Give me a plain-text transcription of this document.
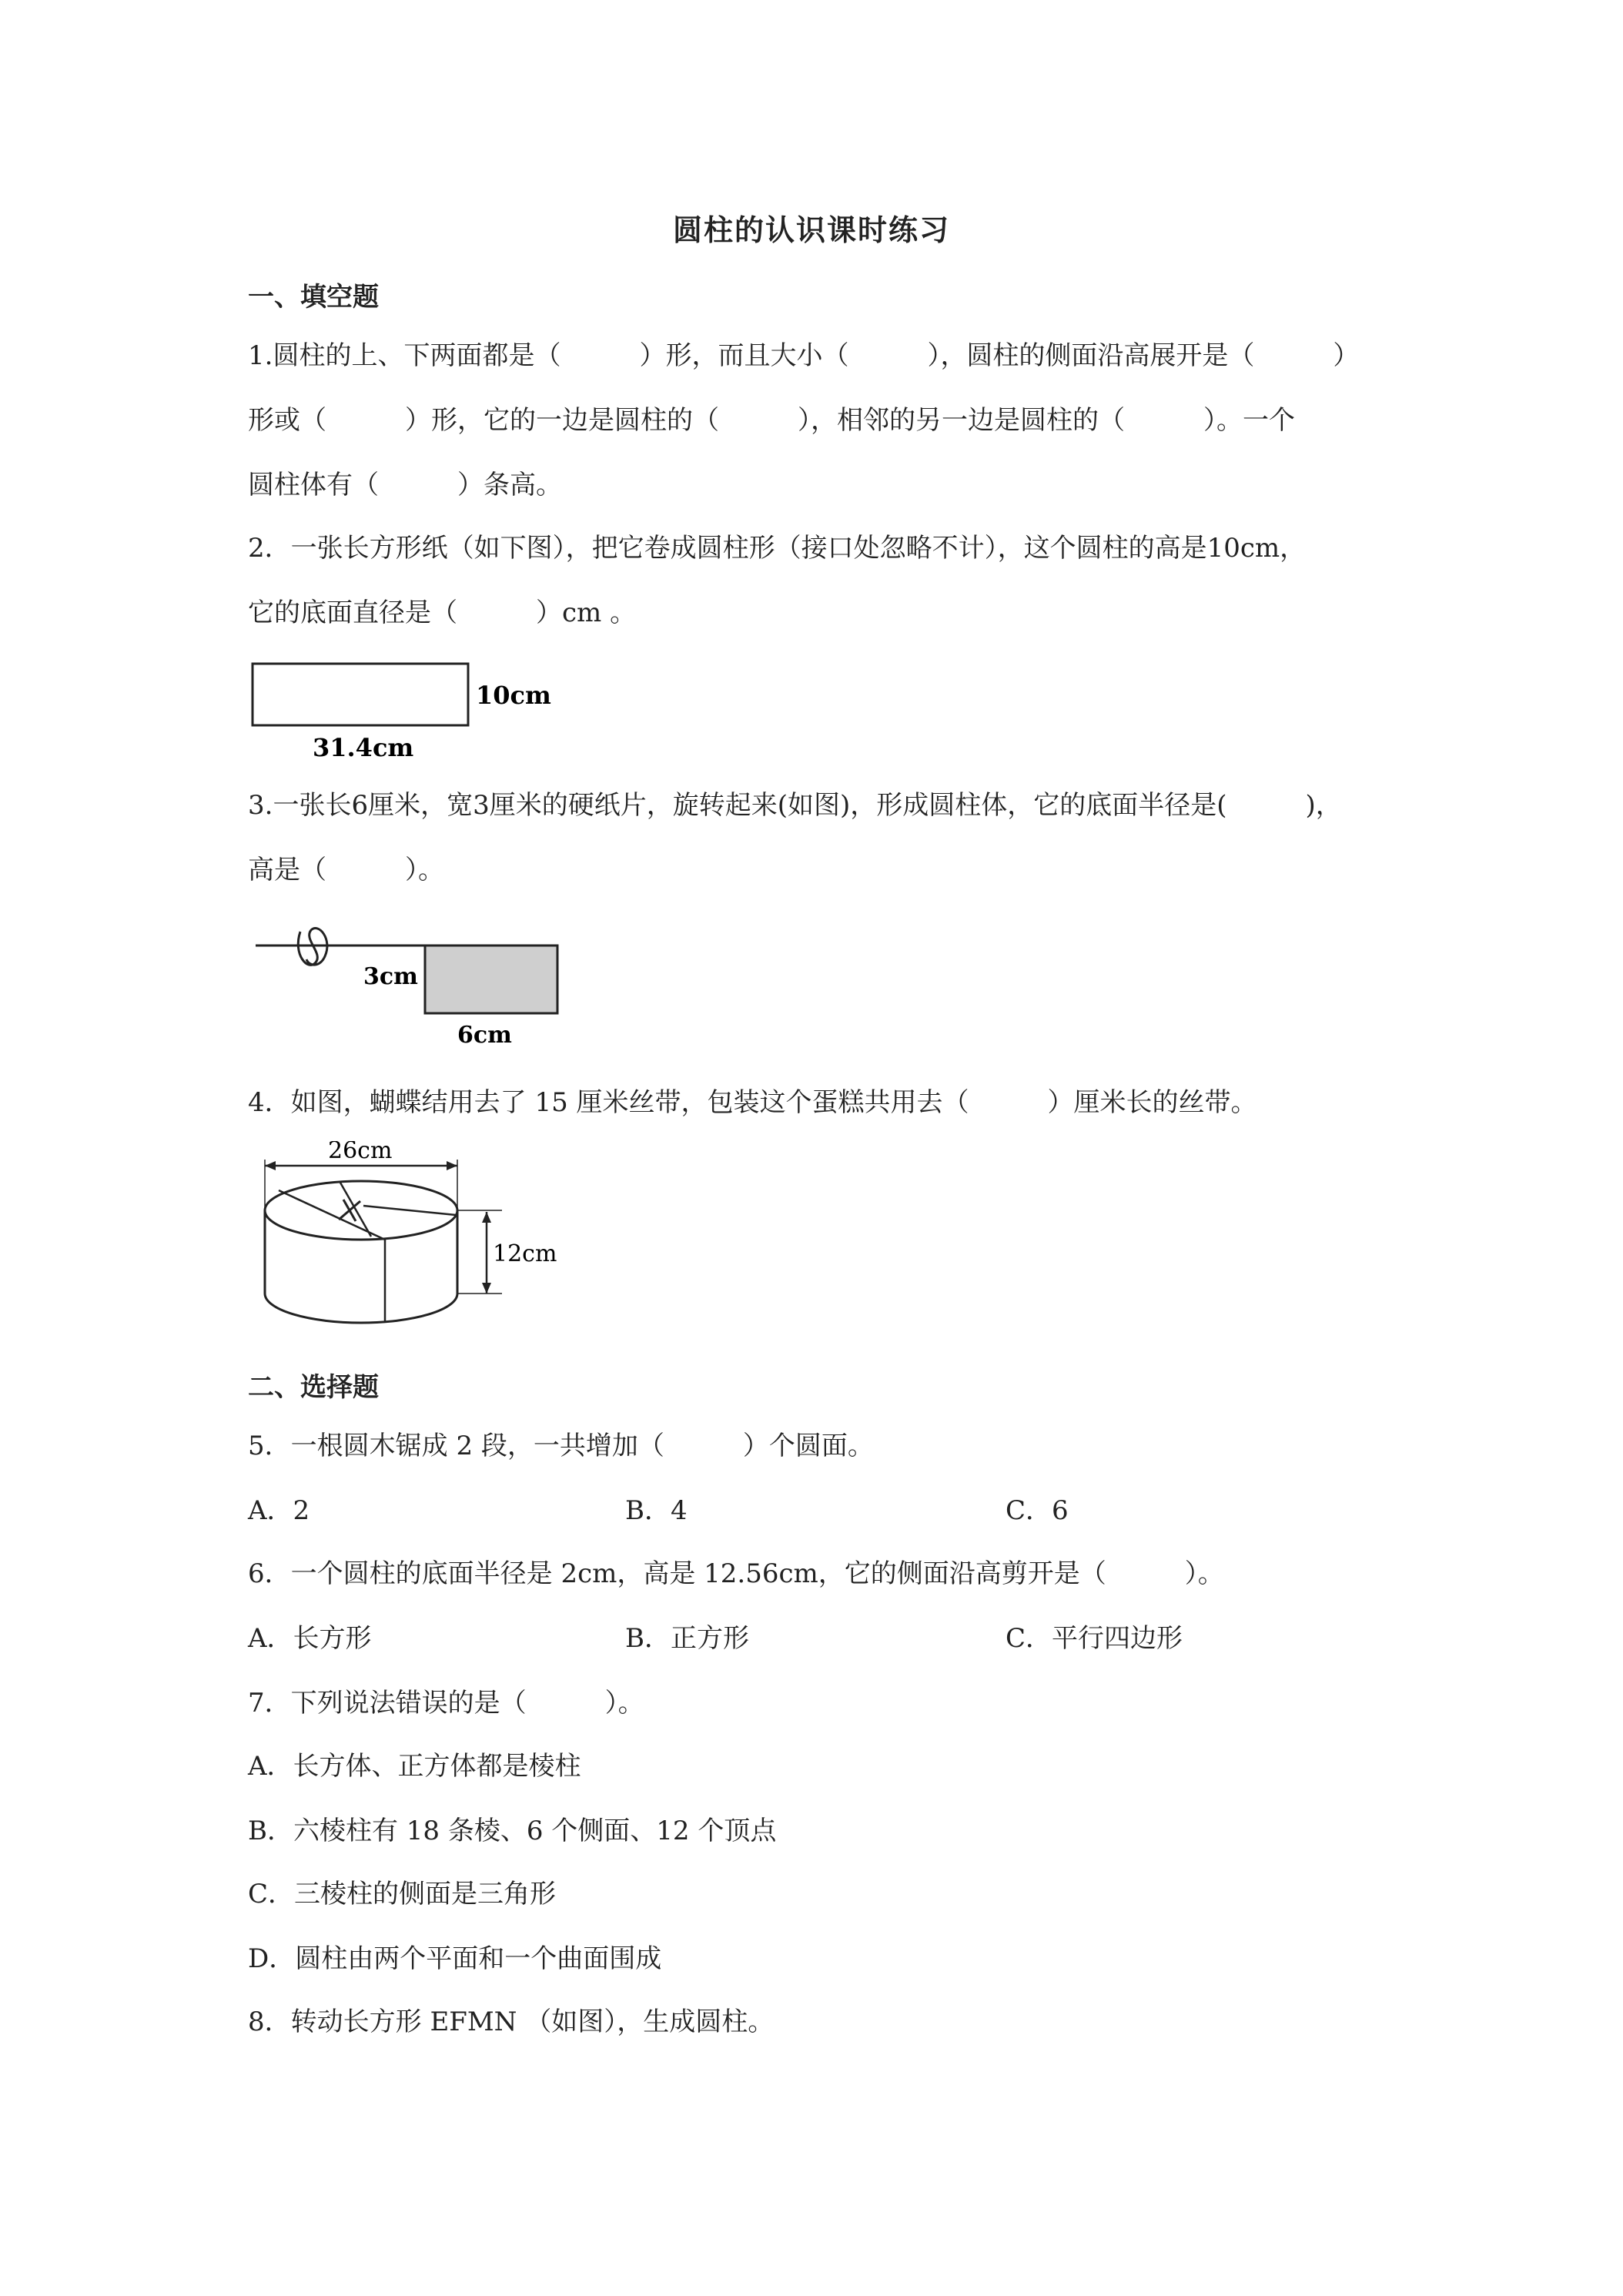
圆柱的认识课时练习
一、填空题
1.圆柱的上、下两面都是（　　　）形，而且大小（　　　），圆柱的侧面沿高展开是（　　　）
形或（　　　）形，它的一边是圆柱的（　　　），相邻的另一边是圆柱的（　　　）。一个
圆柱体有（　　　）条高。
2．一张长方形纸（如下图），把它卷成圆柱形（接口处忽略不计），这个圆柱的高是10cm，
它的底面直径是（　　　）cm 。
10cm
31.4cm
3.一张长6厘米，宽3厘米的硬纸片，旋转起来(如图)，形成圆柱体，它的底面半径是(　　　)，
高是（　　　）。
3cm
6cm
4．如图，蝴蝶结用去了 15 厘米丝带，包装这个蛋糕共用去（　　　）厘米长的丝带。
26cm
12cm
二、选择题
5．一根圆木锯成 2 段，一共增加（　　　）个圆面。
A．2	B．4	C．6
6．一个圆柱的底面半径是 2cm，高是 12.56cm，它的侧面沿高剪开是（　　　）。
A．长方形	B．正方形	C．平行四边形
7．下列说法错误的是（　　　）。
A．长方体、正方体都是棱柱
B．六棱柱有 18 条棱、6 个侧面、12 个顶点
C．三棱柱的侧面是三角形
D．圆柱由两个平面和一个曲面围成
8．转动长方形 EFMN （如图），生成圆柱。
